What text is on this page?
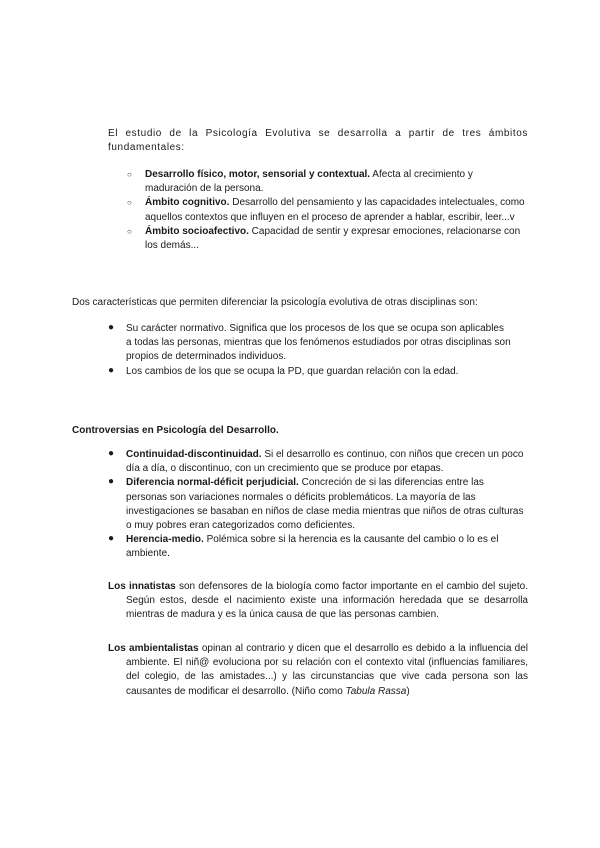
El estudio de la Psicología Evolutiva se desarrolla a partir de tres ámbitos fundamentales:

○ Desarrollo físico, motor, sensorial y contextual. Afecta al crecimiento y maduración de la persona.
○ Ámbito cognitivo. Desarrollo del pensamiento y las capacidades intelectuales, como aquellos contextos que influyen en el proceso de aprender a hablar, escribir, leer...v
○ Ámbito socioafectivo. Capacidad de sentir y expresar emociones, relacionarse con los demás...

Dos características que permiten diferenciar la psicología evolutiva de otras disciplinas son:

● Su carácter normativo. Significa que los procesos de los que se ocupa son aplicables a todas las personas, mientras que los fenómenos estudiados por otras disciplinas son propios de determinados individuos.
● Los cambios de los que se ocupa la PD, que guardan relación con la edad.

Controversias en Psicología del Desarrollo.

● Continuidad-discontinuidad. Si el desarrollo es continuo, con niños que crecen un poco día a día, o discontinuo, con un crecimiento que se produce por etapas.
● Diferencia normal-déficit perjudicial. Concreción de si las diferencias entre las personas son variaciones normales o déficits problemáticos. La mayoría de las investigaciones se basaban en niños de clase media mientras que niños de otras culturas o muy pobres eran categorizados como deficientes.
● Herencia-medio. Polémica sobre si la herencia es la causante del cambio o lo es el ambiente.

Los innatistas son defensores de la biología como factor importante en el cambio del sujeto. Según estos, desde el nacimiento existe una información heredada que se desarrolla mientras de madura y es la única causa de que las personas cambien.

Los ambientalistas opinan al contrario y dicen que el desarrollo es debido a la influencia del ambiente. El niñ@ evoluciona por su relación con el contexto vital (influencias familiares, del colegio, de las amistades...) y las circunstancias que vive cada persona son las causantes de modificar el desarrollo. (Niño como Tabula Rassa)
